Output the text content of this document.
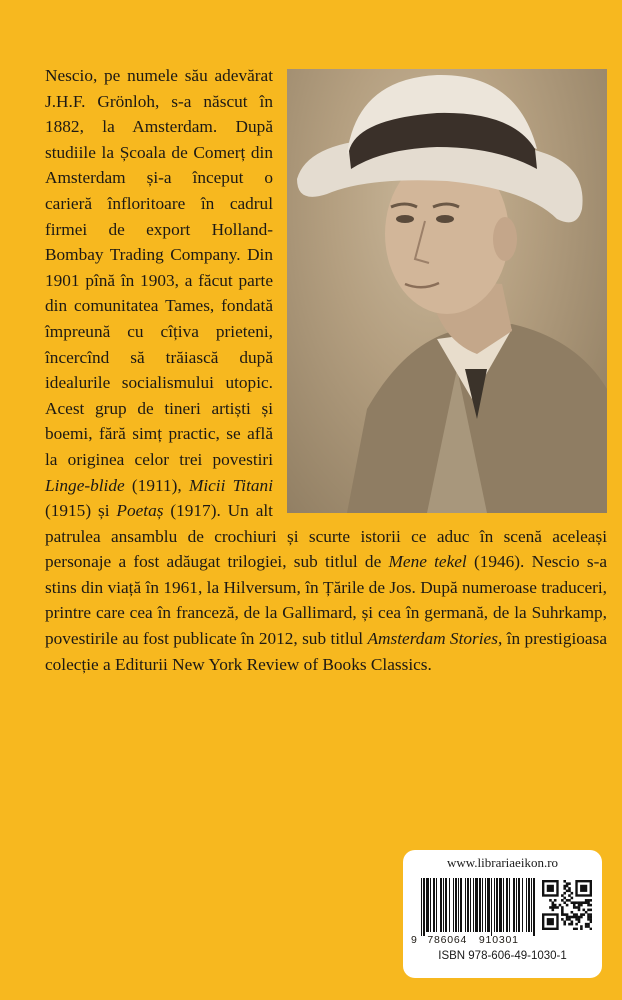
Nescio, pe numele său adevărat J.H.F. Grönloh, s-a născut în 1882, la Amsterdam. După studiile la Școala de Comerț din Amsterdam și-a început o carieră înfloritoare în cadrul firmei de export Holland-Bombay Trading Company. Din 1901 pînă în 1903, a făcut parte din comunitatea Tames, fondată împreună cu cîțiva prieteni, încercînd să trăiască după idealurile socialismului utopic. Acest grup de tineri artiști și boemi, fără simț practic, se află la originea celor trei povestiri Linge-blide (1911), Micii Titani (1915) și Poetaș (1917). Un alt patrulea ansamblu de crochiuri și scurte istorii ce aduc în scenă aceleași personaje a fost adăugat trilogiei, sub titlul de Mene tekel (1946). Nescio s-a stins din viață în 1961, la Hilversum, în Țările de Jos. După numeroase traduceri, printre care cea în franceză, de la Gallimard, și cea în germană, de la Suhrkamp, povestirile au fost publicate în 2012, sub titlul Amsterdam Stories, în prestigioasa colecție a Editurii New York Review of Books Classics.

www.librariaeikon.ro
9 786064 910301
ISBN 978-606-49-1030-1
